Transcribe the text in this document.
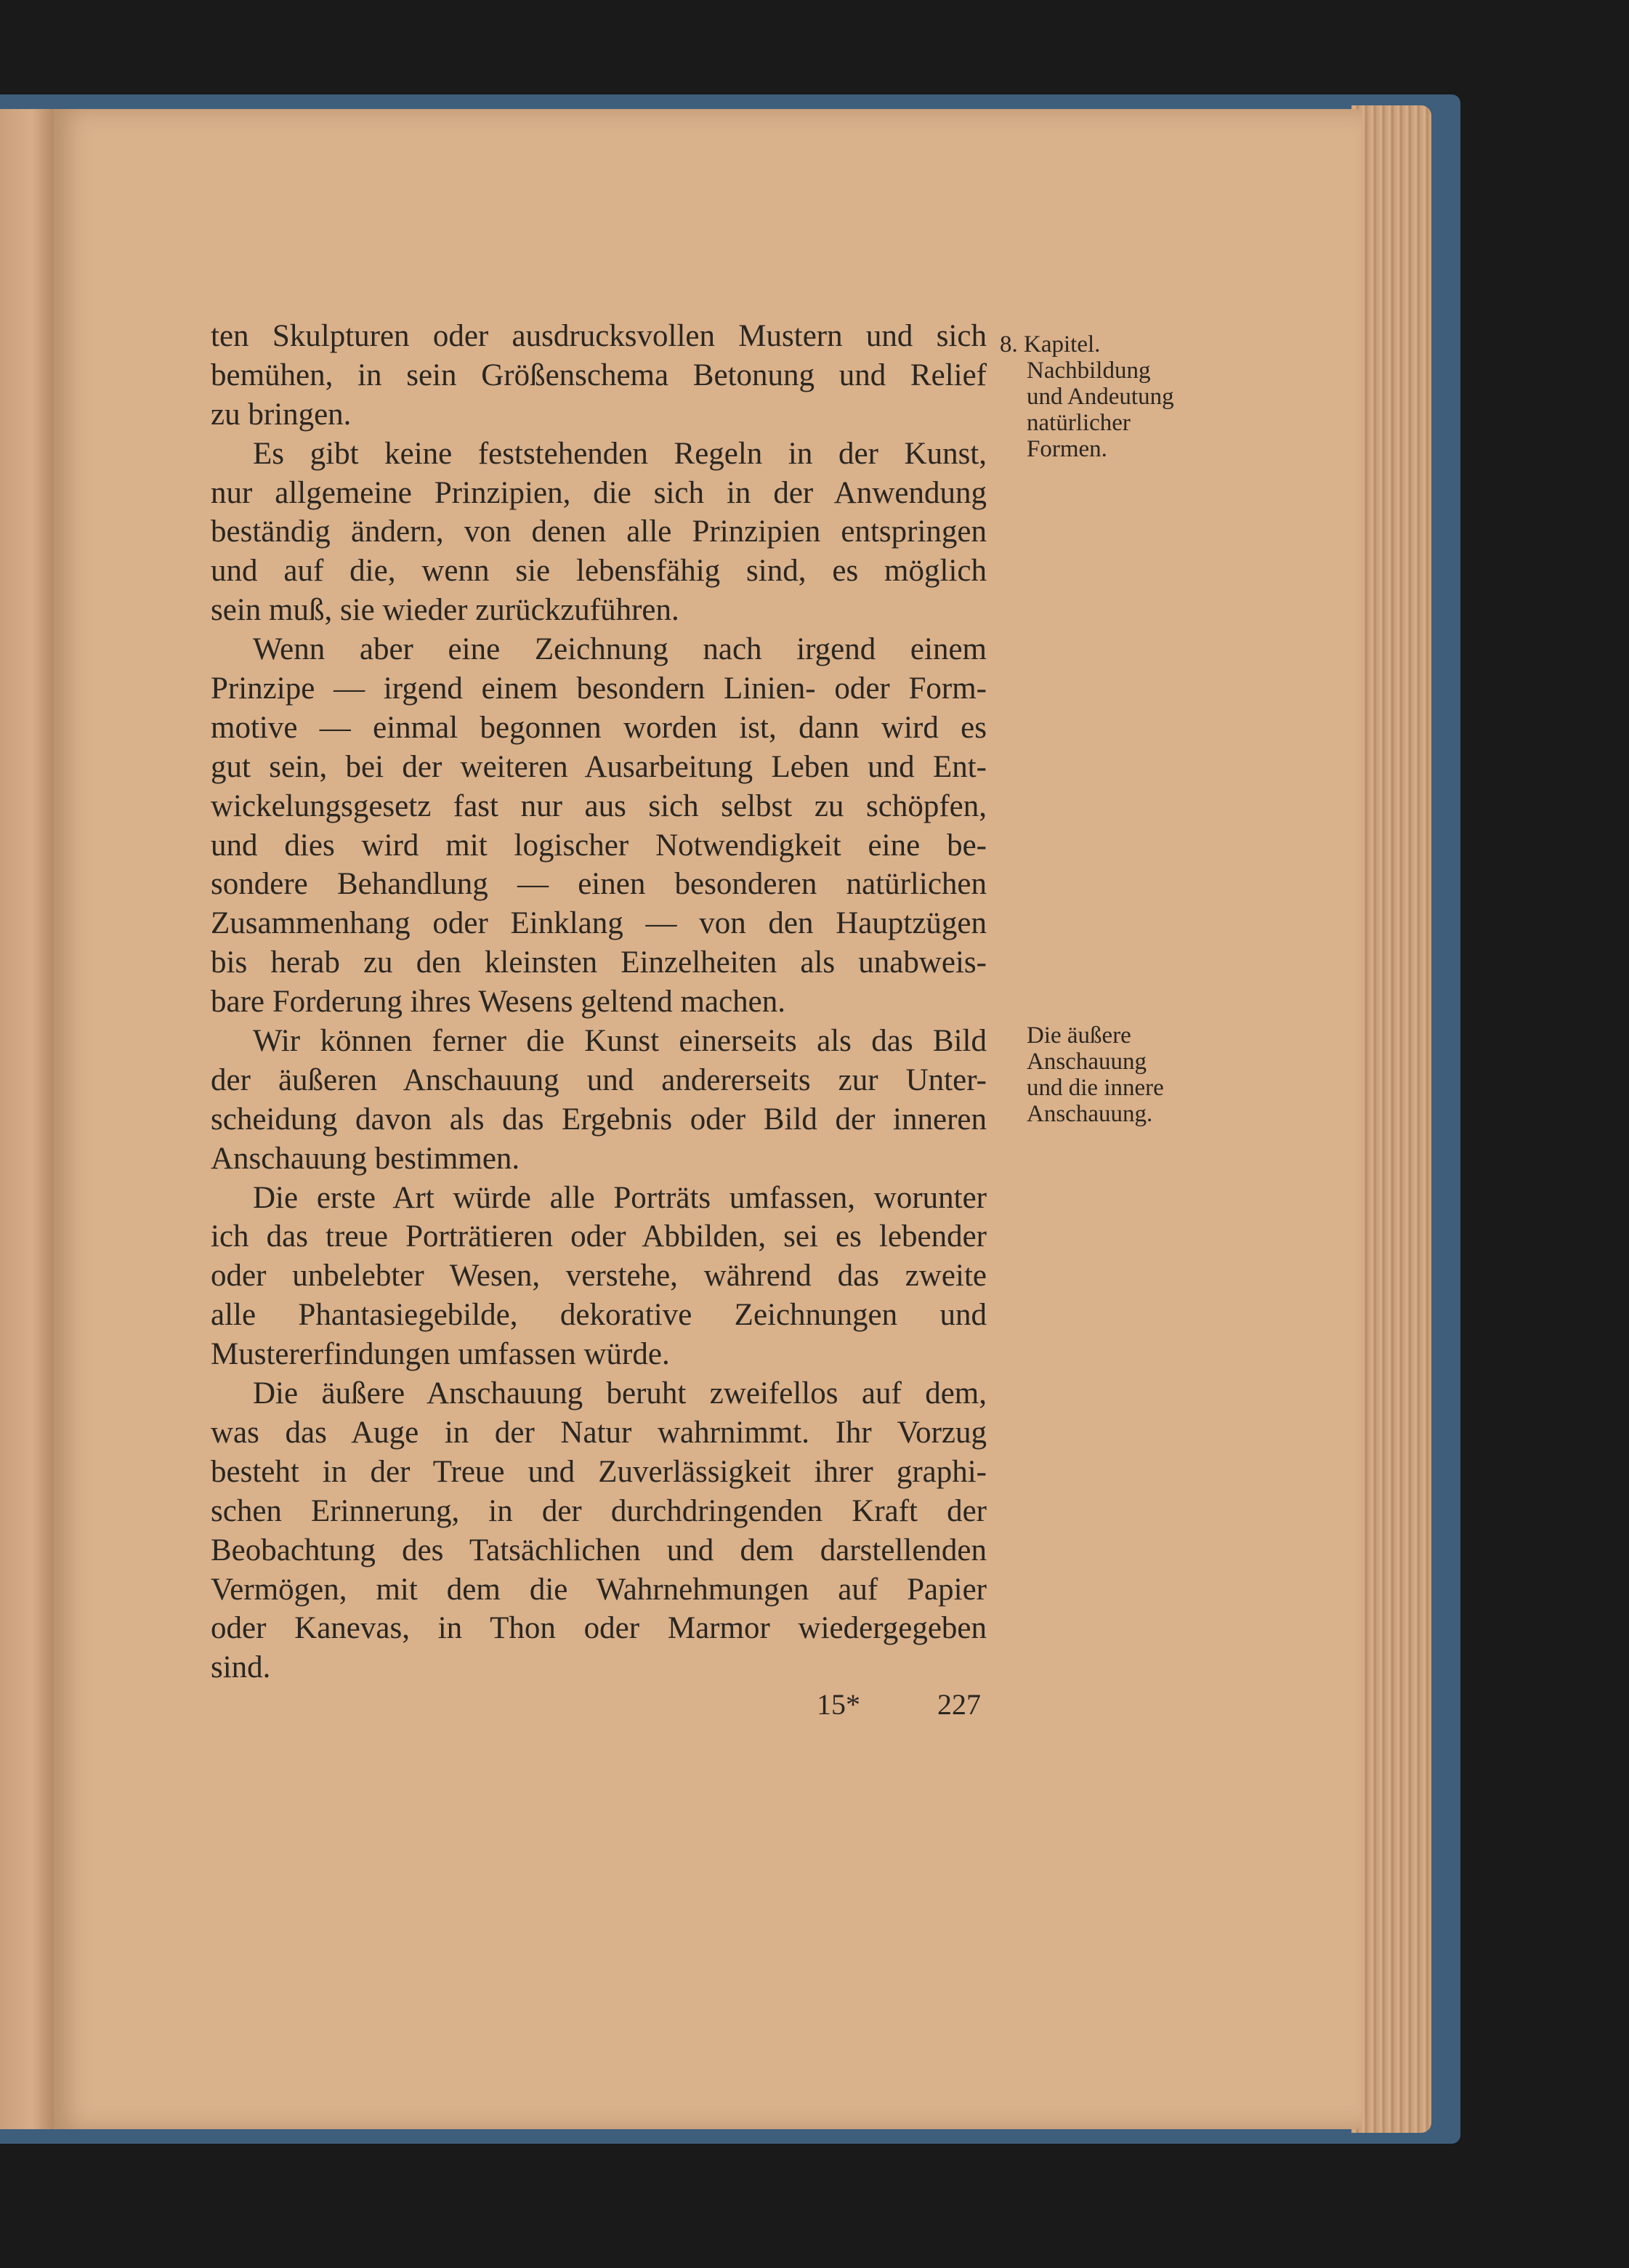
ten Skulpturen oder ausdrucksvollen Mustern und sich
bemühen, in sein Größenschema Betonung und Relief
zu bringen.
Es gibt keine feststehenden Regeln in der Kunst,
nur allgemeine Prinzipien, die sich in der Anwendung
beständig ändern, von denen alle Prinzipien entspringen
und auf die, wenn sie lebensfähig sind, es möglich
sein muß, sie wieder zurückzuführen.
Wenn aber eine Zeichnung nach irgend einem
Prinzipe — irgend einem besondern Linien- oder Form-
motive — einmal begonnen worden ist, dann wird es
gut sein, bei der weiteren Ausarbeitung Leben und Ent-
wickelungsgesetz fast nur aus sich selbst zu schöpfen,
und dies wird mit logischer Notwendigkeit eine be-
sondere Behandlung — einen besonderen natürlichen
Zusammenhang oder Einklang — von den Hauptzügen
bis herab zu den kleinsten Einzelheiten als unabweis-
bare Forderung ihres Wesens geltend machen.
Wir können ferner die Kunst einerseits als das Bild
der äußeren Anschauung und andererseits zur Unter-
scheidung davon als das Ergebnis oder Bild der inneren
Anschauung bestimmen.
Die erste Art würde alle Porträts umfassen, worunter
ich das treue Porträtieren oder Abbilden, sei es lebender
oder unbelebter Wesen, verstehe, während das zweite
alle Phantasiegebilde, dekorative Zeichnungen und
Mustererfindungen umfassen würde.
Die äußere Anschauung beruht zweifellos auf dem,
was das Auge in der Natur wahrnimmt. Ihr Vorzug
besteht in der Treue und Zuverlässigkeit ihrer graphi-
schen Erinnerung, in der durchdringenden Kraft der
Beobachtung des Tatsächlichen und dem darstellenden
Vermögen, mit dem die Wahrnehmungen auf Papier
oder Kanevas, in Thon oder Marmor wiedergegeben
sind.
8. Kapitel.
Nachbildung
und Andeutung
natürlicher
Formen.
Die äußere
Anschauung
und die innere
Anschauung.
15*	227
